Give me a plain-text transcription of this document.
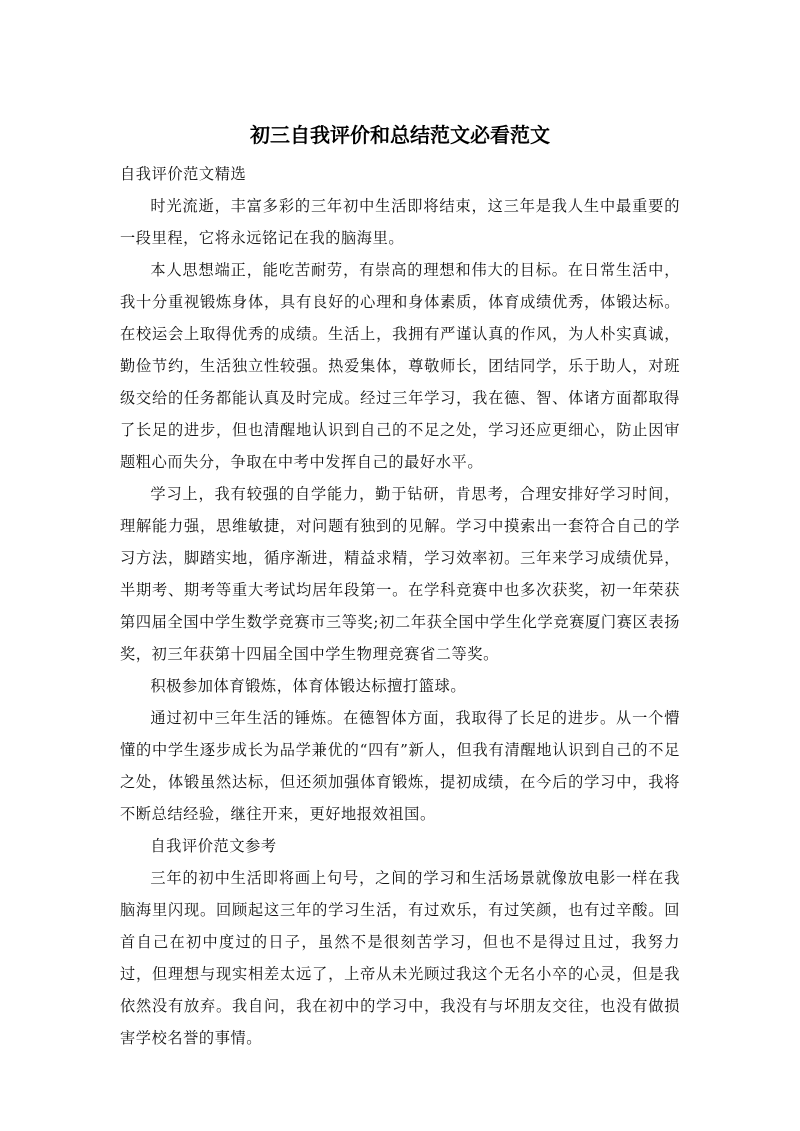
初三自我评价和总结范文必看范文

自我评价范文精选

时光流逝，丰富多彩的三年初中生活即将结束，这三年是我人生中最重要的一段里程，它将永远铭记在我的脑海里。

本人思想端正，能吃苦耐劳，有崇高的理想和伟大的目标。在日常生活中，我十分重视锻炼身体，具有良好的心理和身体素质，体育成绩优秀，体锻达标。在校运会上取得优秀的成绩。生活上，我拥有严谨认真的作风，为人朴实真诚，勤俭节约，生活独立性较强。热爱集体，尊敬师长，团结同学，乐于助人，对班级交给的任务都能认真及时完成。经过三年学习，我在德、智、体诸方面都取得了长足的进步，但也清醒地认识到自己的不足之处，学习还应更细心，防止因审题粗心而失分，争取在中考中发挥自己的最好水平。

学习上，我有较强的自学能力，勤于钻研，肯思考，合理安排好学习时间，理解能力强，思维敏捷，对问题有独到的见解。学习中摸索出一套符合自己的学习方法，脚踏实地，循序渐进，精益求精，学习效率初。三年来学习成绩优异，半期考、期考等重大考试均居年段第一。在学科竞赛中也多次获奖，初一年荣获第四届全国中学生数学竞赛市三等奖;初二年获全国中学生化学竞赛厦门赛区表扬奖，初三年获第十四届全国中学生物理竞赛省二等奖。

积极参加体育锻炼，体育体锻达标擅打篮球。

通过初中三年生活的锤炼。在德智体方面，我取得了长足的进步。从一个懵懂的中学生逐步成长为品学兼优的“四有”新人，但我有清醒地认识到自己的不足之处，体锻虽然达标，但还须加强体育锻炼，提初成绩，在今后的学习中，我将不断总结经验，继往开来，更好地报效祖国。

自我评价范文参考

三年的初中生活即将画上句号，之间的学习和生活场景就像放电影一样在我脑海里闪现。回顾起这三年的学习生活，有过欢乐，有过笑颜，也有过辛酸。回首自己在初中度过的日子，虽然不是很刻苦学习，但也不是得过且过，我努力过，但理想与现实相差太远了，上帝从未光顾过我这个无名小卒的心灵，但是我依然没有放弃。我自问，我在初中的学习中，我没有与坏朋友交往，也没有做损害学校名誉的事情。
